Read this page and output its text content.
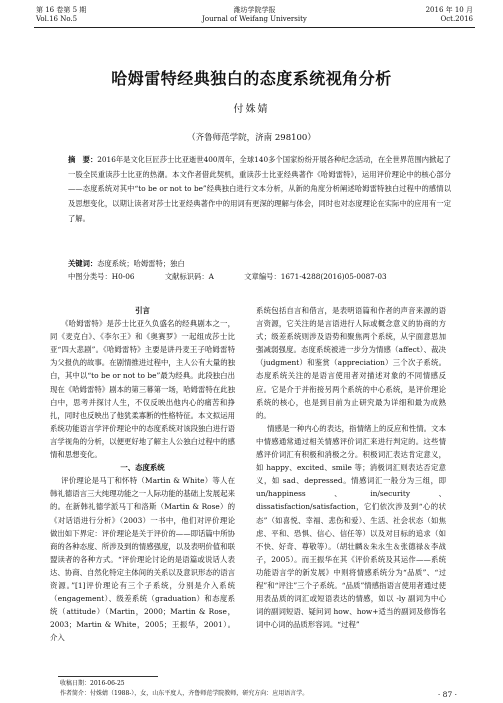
第 16 卷第 5 期
Vol.16 No.5
潍坊学院学报
Journal of Weifang University
2016 年 10 月
Oct.2016
哈姆雷特经典独白的态度系统视角分析
付姝婧
（齐鲁师范学院，济南 298100）
摘　要：2016年是文化巨匠莎士比亚逝世400周年，全球140多个国家纷纷开展各种纪念活动，在全世界范围内掀起了一股全民重读莎士比亚的热潮。本文作者借此契机，重读莎士比亚经典著作《哈姆雷特》，运用评价理论中的核心部分——态度系统对其中“to be or not to be”经典独白进行文本分析，从新的角度分析阐述哈姆雷特独白过程中的感情以及思想变化，以期让读者对莎士比亚经典著作中的用词有更深的理解与体会，同时也对态度理论在实际中的应用有一定了解。
关键词：态度系统；哈姆雷特；独白
中图分类号：H0-06	文献标识码：A	文章编号：1671-4288(2016)05-0087-03

引言

《哈姆雷特》是莎士比亚久负盛名的经典剧本之一，同《麦克白》、《李尔王》和《奥赛罗》一起组成莎士比亚“四大悲剧”。《哈姆雷特》主要是讲丹麦王子哈姆雷特为父报仇的故事。在剧情推进过程中，主人公有大量的独白，其中以“to be or not to be”最为经典。此段独白出现在《哈姆雷特》剧本的第三幕第一场，哈姆雷特在此独白中，思考并探讨人生，不仅反映出他内心的痛苦和挣扎，同时也反映出了他犹柔寡断的性格特征。本文拟运用系统功能语言学评价理论中的态度系统对该段独白进行语言学视角的分析，以便更好地了解主人公独白过程中的感情和思想变化。

一、态度系统

评价理论是马丁和怀特（Martin & White）等人在韩礼德语言三大纯理功能之一人际功能的基础上发展起来的。在新韩礼德学派马丁和洛斯（Martin & Rose）的《对话语进行分析》（2003）一书中，他们对评价理论做出如下界定：评价理论是关于评价的——即话篇中所协商的各种态度、所涉及到的情感强度，以及表明价值和联盟读者的各种方式。“评价理论讨论的是语篇或说话人表达、协商、自然化特定主体间的关系以及意识形态的语言资源。”[1]评价理论有三个子系统，分别是介入系统（engagement）、级差系统（graduation）和态度系统（attitude）（Martin，2000；Martin & Rose，2003；Martin & White，2005；王振华，2001）。介入

系统包括自言和借言，是表明语篇和作者的声音来源的语言资源，它关注的是言语进行人际或概念意义的协商的方式；级差系统则涉及语势和聚焦两个系统，从宇面意思加强减弱强度。态度系统被进一步分为情感（affect）、裁决（judgment）和鉴赏（appreciation）三个次子系统。态度系统关注的是语言使用者对描述对象的不同情感反应。它是介于并衔接另两个系统的中心系统，是评价理论系统的核心，也是到目前为止研究最为详细和最为成熟的。

情感是一种内心的表达，指情绪上的反应和性情。文本中情感通常通过相关情感评价词汇来进行判定的。这些情感评价词汇有积极和消极之分。积极词汇表达肯定意义，如 happy、excited、smile 等；消极词汇则表达否定意义，如 sad、depressed。情感词汇一般分为三组，即 un/happiness、in/security、dissatisfaction/satisfaction，它们依次涉及到“心的状态”（如喜悦、幸福、悲伤和爱）、生活、社会状态（如焦虑、平和、恐惧、信心、信任等）以及对目标的追求（如不快、好奇、尊敬等）。（胡壮麟＆朱永生＆张德禄＆李战子，2005）。而王振华在其《评价系统及其运作——系统功能语言学的新发展》中则将情感系统分为“品质”、“过程”和“评注”三个子系统。“品质”情感指语言使用者通过使用表品质的词汇或短语表达的情感，如以 -ly 副词为中心词的副词短语、疑问词 how、how+适当的副词及修饰名词中心词的品质形容词。“过程”

收稿日期：2016-06-25
作者简介：付姝婧（1988-），女，山东平度人，齐鲁师范学院教师，研究方向：应用语言学。	· 87 ·
